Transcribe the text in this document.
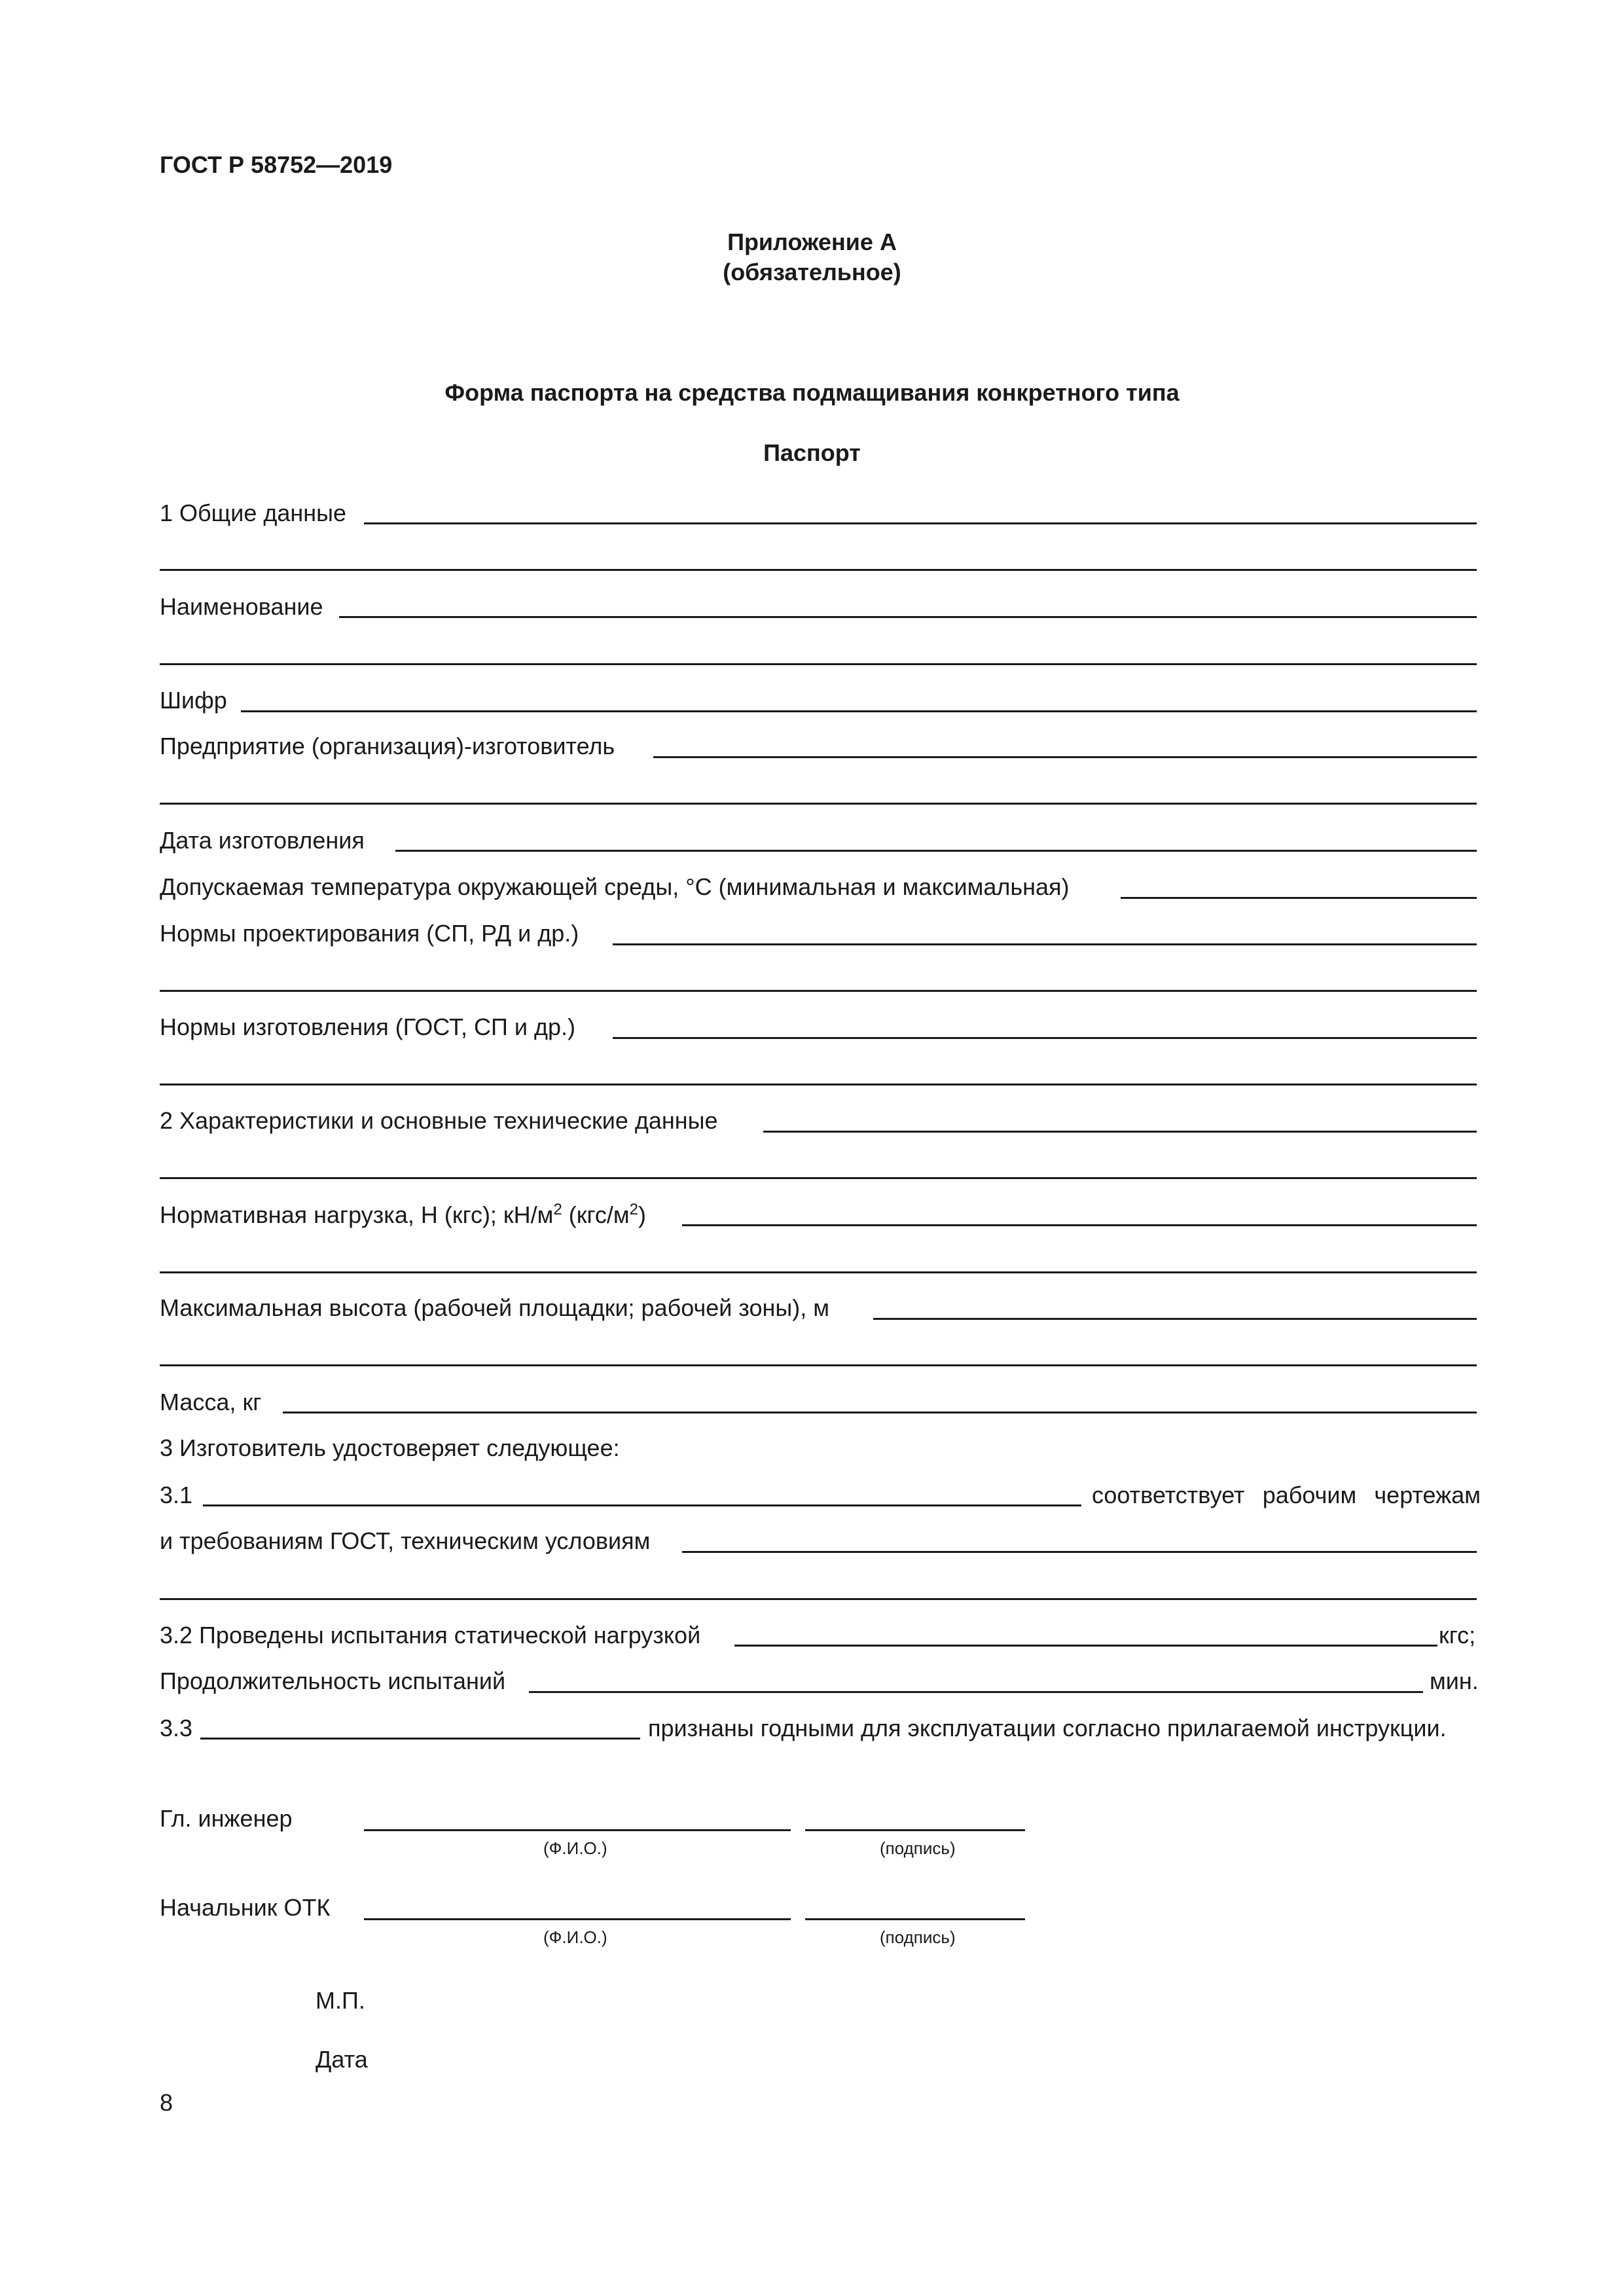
ГОСТ Р 58752—2019
Приложение А
(обязательное)
Форма паспорта на средства подмащивания конкретного типа
Паспорт
1 Общие данные
Наименование
Шифр
Предприятие (организация)-изготовитель
Дата изготовления
Допускаемая температура окружающей среды, °С (минимальная и максимальная)
Нормы проектирования (СП, РД и др.)
Нормы изготовления (ГОСТ, СП и др.)
2 Характеристики и основные технические данные
Нормативная нагрузка, Н (кгс); $кН/м^2$ $(кгс/м^2)$
Максимальная высота (рабочей площадки; рабочей зоны), м
Масса, кг
3 Изготовитель удостоверяет следующее:
3.1	соответствует рабочим чертежам
и требованиям ГОСТ, техническим условиям
3.2 Проведены испытания статической нагрузкой	кгс;
Продолжительность испытаний	мин.
3.3	признаны годными для эксплуатации согласно прилагаемой инструкции.
Гл. инженер
(Ф.И.О.)	(подпись)
Начальник ОТК
(Ф.И.О.)	(подпись)
М.П.
Дата
8
